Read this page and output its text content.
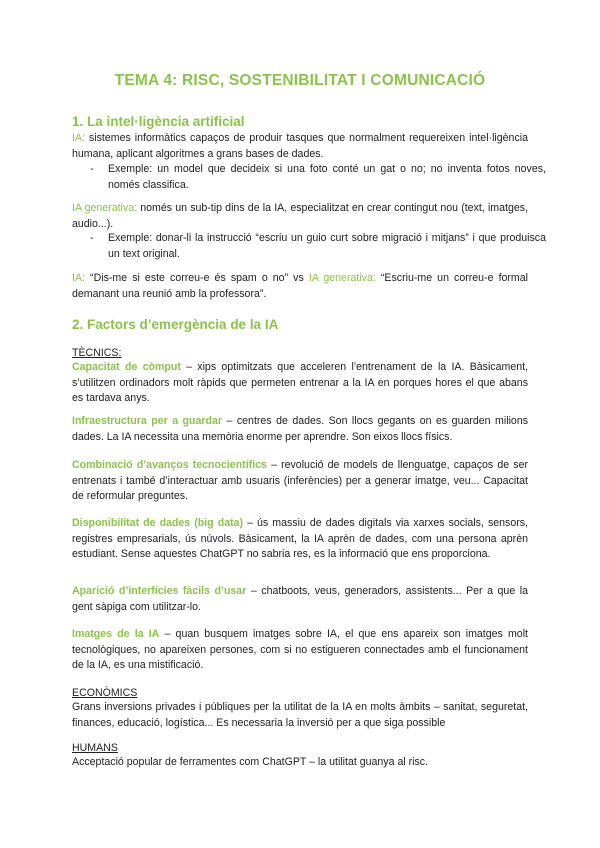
TEMA 4: RISC, SOSTENIBILITAT I COMUNICACIÓ
1. La intel·ligència artificial
IA: sistemes informàtics capaços de produir tasques que normalment requereixen intel·ligència humana, aplicant algoritmes a grans bases de dades.
- Exemple: un model que decideix si una foto conté un gat o no; no inventa fotos noves, només classifica.
IA generativa: només un sub-tip dins de la IA, especialitzat en crear contingut nou (text, imatges, audio...).
- Exemple: donar-li la instrucció “escriu un guio curt sobre migració i mitjans” i que produisca un text original.
IA: “Dis-me si este correu-e és spam o no” vs IA generativa: “Escriu-me un correu-e formal demanant una reunió amb la professora”.
2. Factors d’emergència de la IA
TÈCNICS:
Capacitat de còmput – xips optimitzats que acceleren l’entrenament de la IA. Bàsicament, s’utilitzen ordinadors molt ràpids que permeten entrenar a la IA en porques hores el que abans es tardava anys.
Infraestructura per a guardar – centres de dades. Son llocs gegants on es guarden milions dades. La IA necessita una memòria enorme per aprendre. Son eixos llocs físics.
Combinació d’avanços tecnocientífics – revolució de models de llenguatge, capaços de ser entrenats i també d’interactuar amb usuaris (inferències) per a generar imatge, veu... Capacitat de reformular preguntes.
Disponibilitat de dades (big data) – ús massiu de dades digitals via xarxes socials, sensors, registres empresarials, ús núvols. Bàsicament, la IA aprèn de dades, com una persona aprèn estudiant. Sense aquestes ChatGPT no sabria res, es la informació que ens proporciona.
Aparició d’interfícies fàcils d’usar – chatboots, veus, generadors, assistents... Per a que la gent sàpiga com utilitzar-lo.
Imatges de la IA – quan busquem imatges sobre IA, el que ens apareix son imatges molt tecnològiques, no apareixen persones, com si no estigueren connectades amb el funcionament de la IA, es una mistificació.
ECONÒMICS
Grans inversions privades i públiques per la utilitat de la IA en molts àmbits – sanitat, seguretat, finances, educació, logística... Es necessaria la inversió per a que siga possible
HUMANS
Acceptació popular de ferramentes com ChatGPT – la utilitat guanya al risc.
